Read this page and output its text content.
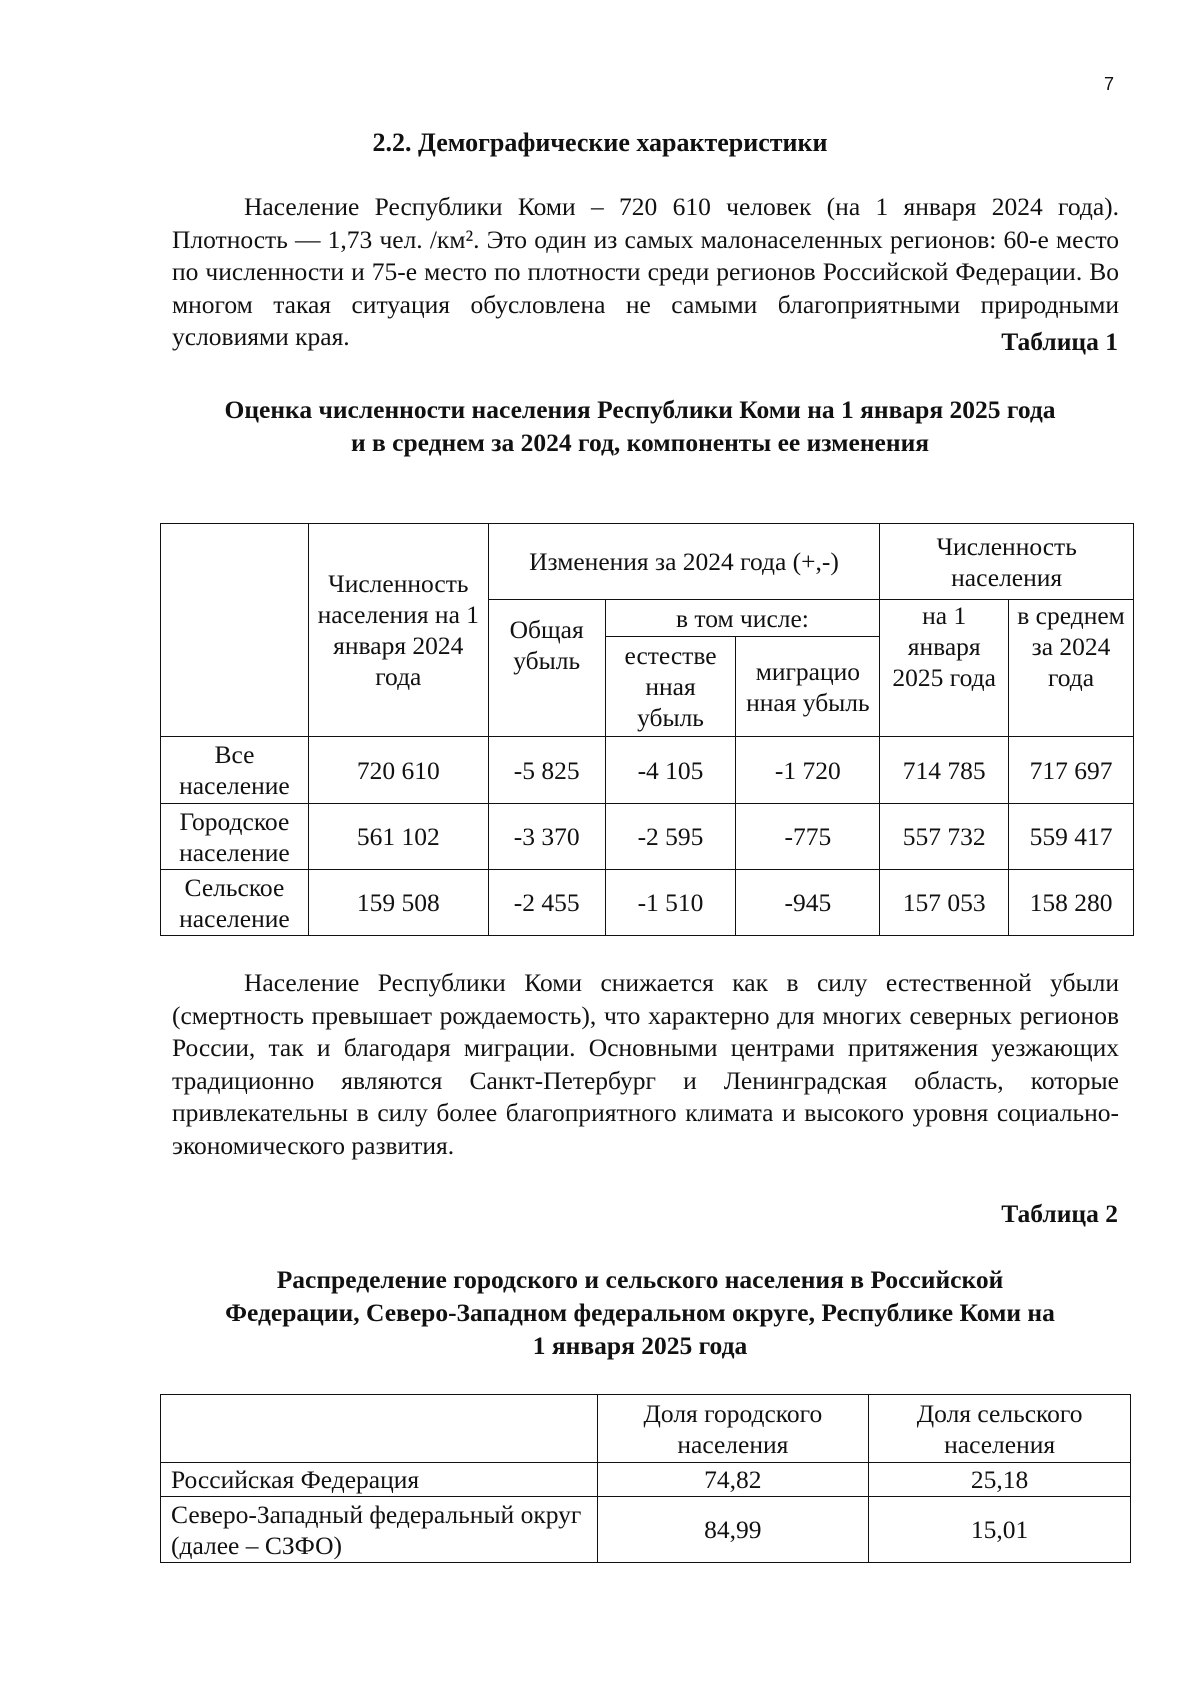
7
2.2. Демографические характеристики

Население Республики Коми – 720 610 человек (на 1 января 2024 года). Плотность — 1,73 чел. /км². Это один из самых малонаселенных регионов: 60-е место по численности и 75-е место по плотности среди регионов Российской Федерации. Во многом такая ситуация обусловлена не самыми благоприятными природными условиями края.	Таблица 1
Оценка численности населения Республики Коми на 1 января 2025 года
и в среднем за 2024 год, компоненты ее изменения
	Численность населения на 1 января 2024 года	Изменения за 2024 года (+,-)			Численность населения	
		Общая убыль	в том числе:		на 1 января 2025 года	в среднем за 2024 года
			естестве нная убыль	миграцио нная убыль		
Все население	720 610	-5 825	-4 105	-1 720	714 785	717 697
Городское население	561 102	-3 370	-2 595	-775	557 732	559 417
Сельское население	159 508	-2 455	-1 510	-945	157 053	158 280

Население Республики Коми снижается как в силу естественной убыли (смертность превышает рождаемость), что характерно для многих северных регионов России, так и благодаря миграции. Основными центрами притяжения уезжающих традиционно являются Санкт-Петербург и Ленинградская область, которые привлекательны в силу более благоприятного климата и высокого уровня социально-экономического развития.

Таблица 2
Распределение городского и сельского населения в Российской
Федерации, Северо-Западном федеральном округе, Республике Коми на
1 января 2025 года
	Доля городского населения	Доля сельского населения
Российская Федерация	74,82	25,18
Северо-Западный федеральный округ (далее – СЗФО)	84,99	15,01
